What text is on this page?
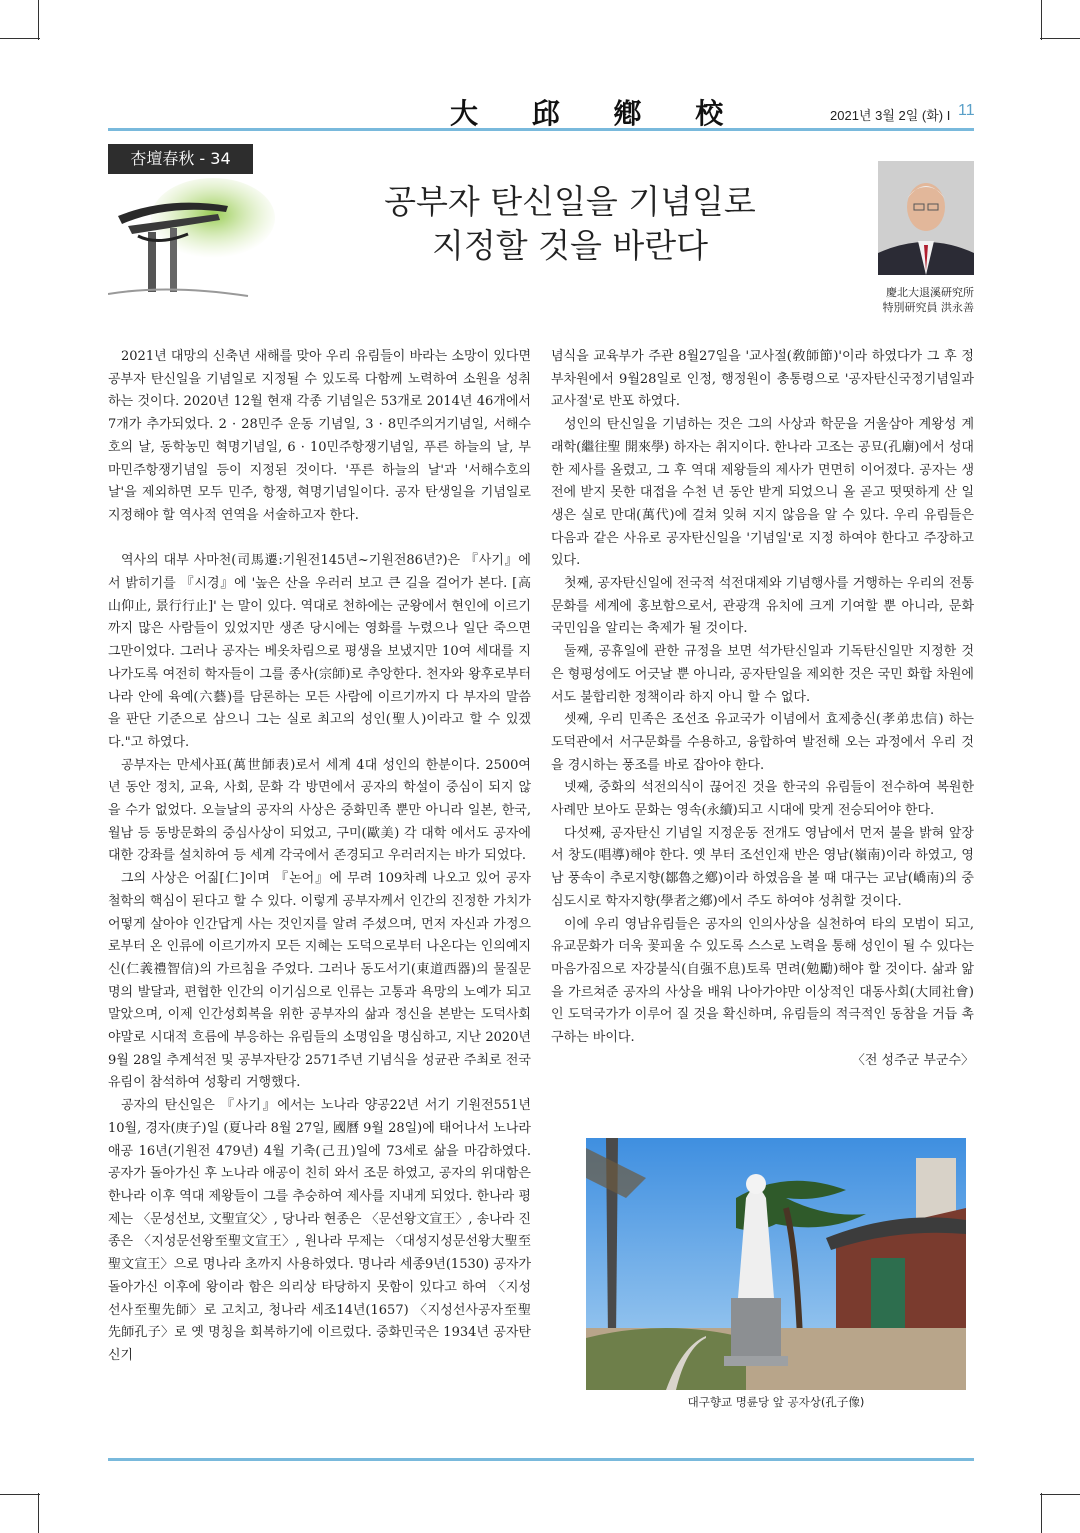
大 邱 鄕 校	2021년 3월 2일 (화) I 11
杏壇春秋 - 34
공부자 탄신일을 기념일로
지정할 것을 바란다
慶北大退溪研究所
特別研究員 洪永善

2021년 대망의 신축년 새해를 맞아 우리 유림들이 바라는 소망이 있다면 공부자 탄신일을 기념일로 지정될 수 있도록 다함께 노력하여 소원을 성취하는 것이다. 2020년 12월 현재 각종 기념일은 53개로 2014년 46개에서 7개가 추가되었다. 2 · 28민주 운동 기념일, 3 · 8민주의거기념일, 서해수호의 날, 동학농민 혁명기념일, 6 · 10민주항쟁기념일, 푸른 하늘의 날, 부마민주항쟁기념일 등이 지정된 것이다. '푸른 하늘의 날'과 '서해수호의 날'을 제외하면 모두 민주, 항쟁, 혁명기념일이다. 공자 탄생일을 기념일로 지정해야 할 역사적 연역을 서술하고자 한다.

역사의 대부 사마천(司馬遷:기원전145년~기원전86년?)은 『사기』에서 밝히기를 『시경』에 '높은 산을 우러러 보고 큰 길을 걸어가 본다. [高山仰止, 景行行止]' 는 말이 있다. 역대로 천하에는 군왕에서 현인에 이르기까지 많은 사람들이 있었지만 생존 당시에는 영화를 누렸으나 일단 죽으면 그만이었다. 그러나 공자는 베옷차림으로 평생을 보냈지만 10여 세대를 지나가도록 여전히 학자들이 그를 종사(宗師)로 추앙한다. 천자와 왕후로부터 나라 안에 육예(六藝)를 담론하는 모든 사람에 이르기까지 다 부자의 말씀을 판단 기준으로 삼으니 그는 실로 최고의 성인(聖人)이라고 할 수 있겠다."고 하였다.

공부자는 만세사표(萬世師表)로서 세계 4대 성인의 한분이다. 2500여 년 동안 정치, 교육, 사회, 문화 각 방면에서 공자의 학설이 중심이 되지 않을 수가 없었다. 오늘날의 공자의 사상은 중화민족 뿐만 아니라 일본, 한국, 월남 등 동방문화의 중심사상이 되었고, 구미(歐美) 각 대학 에서도 공자에 대한 강좌를 설치하여 등 세계 각국에서 존경되고 우러러지는 바가 되었다.

그의 사상은 어짊[仁]이며 『논어』에 무려 109차례 나오고 있어 공자 철학의 핵심이 된다고 할 수 있다. 이렇게 공부자께서 인간의 진정한 가치가 어떻게 살아야 인간답게 사는 것인지를 알려 주셨으며, 먼저 자신과 가정으로부터 온 인류에 이르기까지 모든 지혜는 도덕으로부터 나온다는 인의예지신(仁義禮智信)의 가르침을 주었다. 그러나 동도서기(東道西器)의 물질문명의 발달과, 편협한 인간의 이기심으로 인류는 고통과 욕망의 노예가 되고 말았으며, 이제 인간성회복을 위한 공부자의 삶과 정신을 본받는 도덕사회야말로 시대적 흐름에 부응하는 유림들의 소명임을 명심하고, 지난 2020년 9월 28일 추계석전 및 공부자탄강 2571주년 기념식을 성균관 주최로 전국유림이 참석하여 성황리 거행했다.

공자의 탄신일은 『사기』에서는 노나라 양공22년 서기 기원전551년 10월, 경자(庚子)일 (夏나라 8월 27일, 國曆 9월 28일)에 태어나서 노나라 애공 16년(기원전 479년) 4월 기축(己丑)일에 73세로 삶을 마감하였다. 공자가 돌아가신 후 노나라 애공이 친히 와서 조문 하였고, 공자의 위대함은 한나라 이후 역대 제왕들이 그를 추숭하여 제사를 지내게 되었다. 한나라 평제는 〈문성선보, 文聖宣父〉, 당나라 현종은 〈문선왕文宣王〉, 송나라 진종은 〈지성문선왕至聖文宣王〉, 원나라 무제는 〈대성지성문선왕大聖至聖文宣王〉으로 명나라 초까지 사용하였다. 명나라 세종9년(1530) 공자가 돌아가신 이후에 왕이라 함은 의리상 타당하지 못함이 있다고 하여 〈지성선사至聖先師〉로 고치고, 청나라 세조14년(1657) 〈지성선사공자至聖先師孔子〉로 옛 명칭을 회복하기에 이르렀다. 중화민국은 1934년 공자탄신기

념식을 교육부가 주관 8월27일을 '교사절(敎師節)'이라 하였다가 그 후 정부차원에서 9월28일로 인정, 행정원이 총통령으로 '공자탄신국정기념일과 교사절'로 반포 하였다.

성인의 탄신일을 기념하는 것은 그의 사상과 학문을 거울삼아 계왕성 계래학(繼往聖 開來學) 하자는 취지이다. 한나라 고조는 공묘(孔廟)에서 성대한 제사를 올렸고, 그 후 역대 제왕들의 제사가 면면히 이어졌다. 공자는 생전에 받지 못한 대접을 수천 년 동안 받게 되었으니 올 곧고 떳떳하게 산 일생은 실로 만대(萬代)에 걸쳐 잊혀 지지 않음을 알 수 있다. 우리 유림들은 다음과 같은 사유로 공자탄신일을 '기념일'로 지정 하여야 한다고 주장하고 있다.

첫째, 공자탄신일에 전국적 석전대제와 기념행사를 거행하는 우리의 전통문화를 세계에 홍보함으로서, 관광객 유치에 크게 기여할 뿐 아니라, 문화 국민임을 알리는 축제가 될 것이다.

둘째, 공휴일에 관한 규정을 보면 석가탄신일과 기독탄신일만 지정한 것은 형평성에도 어긋날 뿐 아니라, 공자탄일을 제외한 것은 국민 화합 차원에서도 불합리한 정책이라 하지 아니 할 수 없다.

셋째, 우리 민족은 조선조 유교국가 이념에서 효제충신(孝弟忠信) 하는 도덕관에서 서구문화를 수용하고, 융합하여 발전해 오는 과정에서 우리 것을 경시하는 풍조를 바로 잡아야 한다.

넷째, 중화의 석전의식이 끊어진 것을 한국의 유림들이 전수하여 복원한 사례만 보아도 문화는 영속(永續)되고 시대에 맞게 전승되어야 한다.

다섯째, 공자탄신 기념일 지정운동 전개도 영남에서 먼저 불을 밝혀 앞장서 창도(唱導)해야 한다. 옛 부터 조선인재 반은 영남(嶺南)이라 하였고, 영남 풍속이 추로지향(鄒魯之鄕)이라 하였음을 볼 때 대구는 교남(嶠南)의 중심도시로 학자지향(學者之鄕)에서 주도 하여야 성취할 것이다.

이에 우리 영남유림들은 공자의 인의사상을 실천하여 타의 모범이 되고, 유교문화가 더욱 꽃피울 수 있도록 스스로 노력을 통해 성인이 될 수 있다는 마음가짐으로 자강불식(自强不息)토록 면려(勉勵)해야 할 것이다. 삶과 앎을 가르쳐준 공자의 사상을 배워 나아가야만 이상적인 대동사회(大同社會)인 도덕국가가 이루어 질 것을 확신하며, 유림들의 적극적인 동참을 거듭 촉구하는 바이다.

〈전 성주군 부군수〉

대구향교 명륜당 앞 공자상(孔子像)
